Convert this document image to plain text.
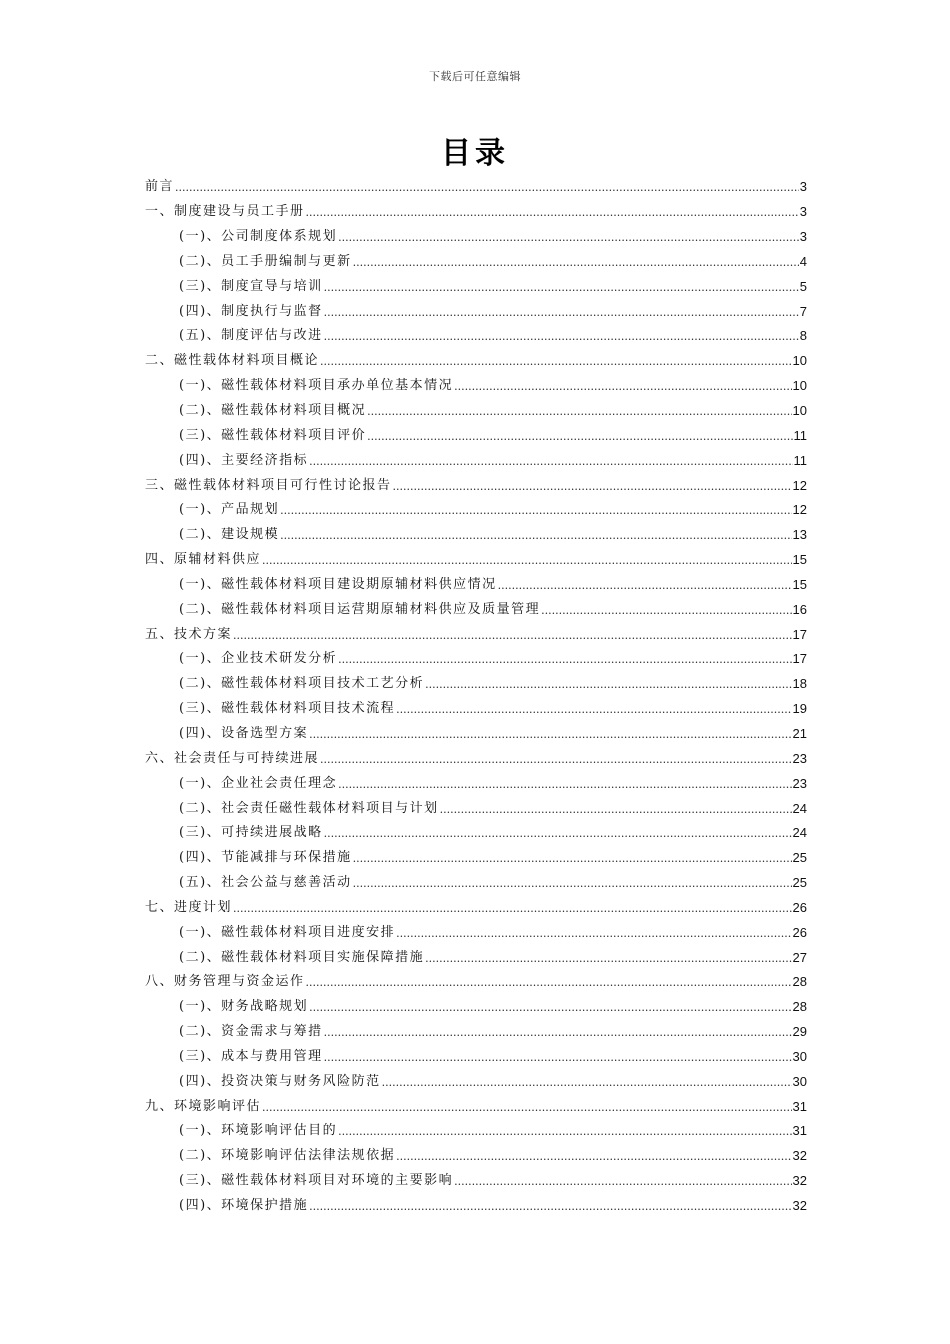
下载后可任意编辑
目录
前言 .....	3
一、制度建设与员工手册 .....	3
(一)、公司制度体系规划 .....	3
(二)、员工手册编制与更新 .....	4
(三)、制度宣导与培训 .....	5
(四)、制度执行与监督 .....	7
(五)、制度评估与改进 .....	8
二、磁性载体材料项目概论 .....	10
(一)、磁性载体材料项目承办单位基本情况 .....	10
(二)、磁性载体材料项目概况 .....	10
(三)、磁性载体材料项目评价 .....	11
(四)、主要经济指标 .....	11
三、磁性载体材料项目可行性讨论报告 .....	12
(一)、产品规划 .....	12
(二)、建设规模 .....	13
四、原辅材料供应 .....	15
(一)、磁性载体材料项目建设期原辅材料供应情况 .....	15
(二)、磁性载体材料项目运营期原辅材料供应及质量管理 .....	16
五、技术方案 .....	17
(一)、企业技术研发分析 .....	17
(二)、磁性载体材料项目技术工艺分析 .....	18
(三)、磁性载体材料项目技术流程 .....	19
(四)、设备选型方案 .....	21
六、社会责任与可持续进展 .....	23
(一)、企业社会责任理念 .....	23
(二)、社会责任磁性载体材料项目与计划 .....	24
(三)、可持续进展战略 .....	24
(四)、节能减排与环保措施 .....	25
(五)、社会公益与慈善活动 .....	25
七、进度计划 .....	26
(一)、磁性载体材料项目进度安排 .....	26
(二)、磁性载体材料项目实施保障措施 .....	27
八、财务管理与资金运作 .....	28
(一)、财务战略规划 .....	28
(二)、资金需求与筹措 .....	29
(三)、成本与费用管理 .....	30
(四)、投资决策与财务风险防范 .....	30
九、环境影响评估 .....	31
(一)、环境影响评估目的 .....	31
(二)、环境影响评估法律法规依据 .....	32
(三)、磁性载体材料项目对环境的主要影响 .....	32
(四)、环境保护措施 .....	32
